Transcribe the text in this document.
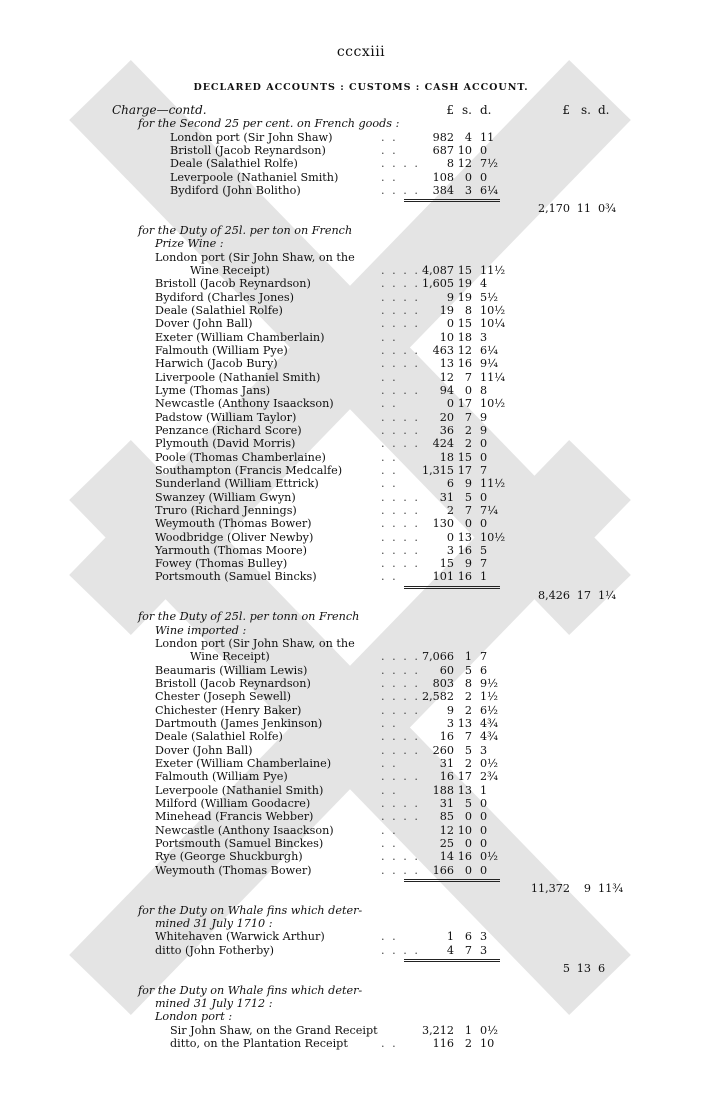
cccxiii
DECLARED ACCOUNTS : CUSTOMS : CASH ACCOUNT.
Charge—contd.	£ s. d.	£ s. d.
for the Second 25 per cent. on French goods :
London port (Sir John Shaw)	. .	982 4 11
Bristoll (Jacob Reynardson)	. .	687 10 0
Deale (Salathiel Rolfe)	. . . .	8 12 7½
Leverpoole (Nathaniel Smith)	. .	108 0 0
Bydiford (John Bolitho)	. . . .	384 3 6¼
2,170 11 0¾
for the Duty of 25l. per ton on French
Prize Wine :
London port (Sir John Shaw, on the
Wine Receipt)	. . . . 4,087 15 11½
Bristoll (Jacob Reynardson)	. . . . 1,605 19 4
Bydiford (Charles Jones)	. . . .	9 19 5½
Deale (Salathiel Rolfe)	. . . .	19 8 10½
Dover (John Ball)	. . . .	0 15 10¼
Exeter (William Chamberlain)	. .	10 18 3
Falmouth (William Pye)	. . . .	463 12 6¼
Harwich (Jacob Bury)	. . . .	13 16 9¼
Liverpoole (Nathaniel Smith)	. .	12 7 11¼
Lyme (Thomas Jans)	. . . .	94 0 8
Newcastle (Anthony Isaackson)	. .	0 17 10½
Padstow (William Taylor)	. . . .	20 7 9
Penzance (Richard Score)	. . . .	36 2 9
Plymouth (David Morris)	. . . .	424 2 0
Poole (Thomas Chamberlaine)	. .	18 15 0
Southampton (Francis Medcalfe)	. .	1,315 17 7
Sunderland (William Ettrick)	. .	6 9 11½
Swanzey (William Gwyn)	. . . .	31 5 0
Truro (Richard Jennings)	. . . .	2 7 7¼
Weymouth (Thomas Bower)	. . . .	130 0 0
Woodbridge (Oliver Newby)	. . . .	0 13 10½
Yarmouth (Thomas Moore)	. . . .	3 16 5
Fowey (Thomas Bulley)	. . . .	15 9 7
Portsmouth (Samuel Bincks)	. .	101 16 1
8,426 17 1¼
for the Duty of 25l. per tonn on French
Wine imported :
London port (Sir John Shaw, on the
Wine Receipt)	. . . . 7,066 1 7
Beaumaris (William Lewis)	. . . .	60 5 6
Bristoll (Jacob Reynardson)	. . . .	803 8 9½
Chester (Joseph Sewell)	. . . . 2,582 2 1½
Chichester (Henry Baker)	. . . .	9 2 6½
Dartmouth (James Jenkinson)	. .	3 13 4¾
Deale (Salathiel Rolfe)	. . . .	16 7 4¾
Dover (John Ball)	. . . .	260 5 3
Exeter (William Chamberlaine)	. .	31 2 0½
Falmouth (William Pye)	. . . .	16 17 2¾
Leverpoole (Nathaniel Smith)	. .	188 13 1
Milford (William Goodacre)	. . . .	31 5 0
Minehead (Francis Webber)	. . . .	85 0 0
Newcastle (Anthony Isaackson)	. .	12 10 0
Portsmouth (Samuel Binckes)	. .	25 0 0
Rye (George Shuckburgh)	. . . .	14 16 0½
Weymouth (Thomas Bower)	. . . .	166 0 0
11,372	9 11¾
for the Duty on Whale fins which deter-
mined 31 July 1710 :
Whitehaven (Warwick Arthur)	. .	1 6 3
ditto (John Fotherby)	. . . .	4 7 3
5 13 6
for the Duty on Whale fins which deter-
mined 31 July 1712 :
London port :
Sir John Shaw, on the Grand Receipt	3,212 1 0½
ditto, on the Plantation Receipt	. .	116 2 10
